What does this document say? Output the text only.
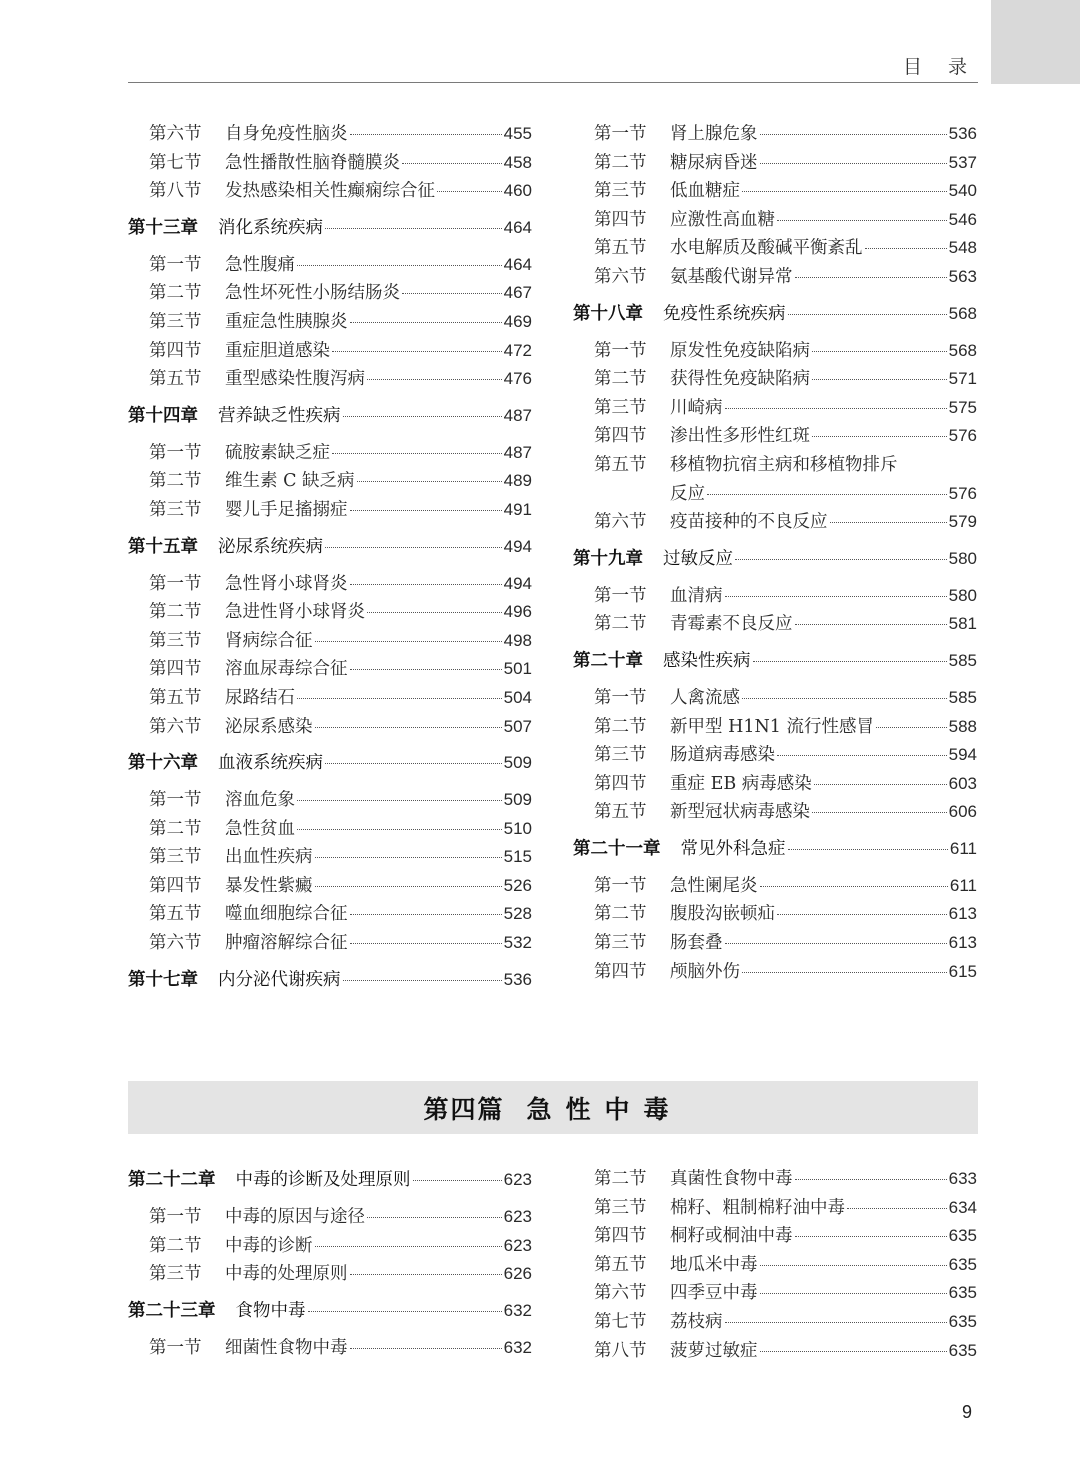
目录
第六节	自身免疫性脑炎	455
第七节	急性播散性脑脊髓膜炎	458
第八节	发热感染相关性癫痫综合征	460
第十三章 消化系统疾病	464
第一节	急性腹痛	464
第二节	急性坏死性小肠结肠炎	467
第三节	重症急性胰腺炎	469
第四节	重症胆道感染	472
第五节	重型感染性腹泻病	476
第十四章 营养缺乏性疾病	487
第一节	硫胺素缺乏症	487
第二节	维生素 C 缺乏病	489
第三节	婴儿手足搐搦症	491
第十五章 泌尿系统疾病	494
第一节	急性肾小球肾炎	494
第二节	急进性肾小球肾炎	496
第三节	肾病综合征	498
第四节	溶血尿毒综合征	501
第五节	尿路结石	504
第六节	泌尿系感染	507
第十六章 血液系统疾病	509
第一节	溶血危象	509
第二节	急性贫血	510
第三节	出血性疾病	515
第四节	暴发性紫癜	526
第五节	噬血细胞综合征	528
第六节	肿瘤溶解综合征	532
第十七章 内分泌代谢疾病	536
第一节	肾上腺危象	536
第二节	糖尿病昏迷	537
第三节	低血糖症	540
第四节	应激性高血糖	546
第五节	水电解质及酸碱平衡紊乱	548
第六节	氨基酸代谢异常	563
第十八章 免疫性系统疾病	568
第一节	原发性免疫缺陷病	568
第二节	获得性免疫缺陷病	571
第三节	川崎病	575
第四节	渗出性多形性红斑	576
第五节	移植物抗宿主病和移植物排斥
反应	576
第六节	疫苗接种的不良反应	579
第十九章 过敏反应	580
第一节	血清病	580
第二节	青霉素不良反应	581
第二十章 感染性疾病	585
第一节	人禽流感	585
第二节	新甲型 H1N1 流行性感冒	588
第三节	肠道病毒感染	594
第四节	重症 EB 病毒感染	603
第五节	新型冠状病毒感染	606
第二十一章 常见外科急症	611
第一节	急性阑尾炎	611
第二节	腹股沟嵌顿疝	613
第三节	肠套叠	613
第四节	颅脑外伤	615
第四篇 急性中毒
第二十二章 中毒的诊断及处理原则	623
第一节	中毒的原因与途径	623
第二节	中毒的诊断	623
第三节	中毒的处理原则	626
第二十三章 食物中毒	632
第一节	细菌性食物中毒	632
第二节	真菌性食物中毒	633
第三节	棉籽、粗制棉籽油中毒	634
第四节	桐籽或桐油中毒	635
第五节	地瓜米中毒	635
第六节	四季豆中毒	635
第七节	荔枝病	635
第八节	菠萝过敏症	635
9
